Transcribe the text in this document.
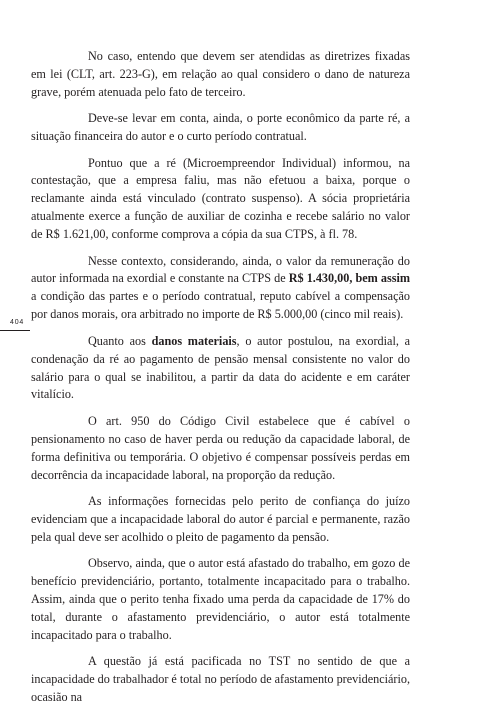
404

No caso, entendo que devem ser atendidas as diretrizes fixadas em lei (CLT, art. 223-G), em relação ao qual considero o dano de natureza grave, porém atenuada pelo fato de terceiro.

Deve-se levar em conta, ainda, o porte econômico da parte ré, a situação financeira do autor e o curto período contratual.

Pontuo que a ré (Microempreendor Individual) informou, na contestação, que a empresa faliu, mas não efetuou a baixa, porque o reclamante ainda está vinculado (contrato suspenso). A sócia proprietária atualmente exerce a função de auxiliar de cozinha e recebe salário no valor de R$ 1.621,00, conforme comprova a cópia da sua CTPS, à fl. 78.

Nesse contexto, considerando, ainda, o valor da remuneração do autor informada na exordial e constante na CTPS de R$ 1.430,00, bem assim a condição das partes e o período contratual, reputo cabível a compensação por danos morais, ora arbitrado no importe de R$ 5.000,00 (cinco mil reais).

Quanto aos danos materiais, o autor postulou, na exordial, a condenação da ré ao pagamento de pensão mensal consistente no valor do salário para o qual se inabilitou, a partir da data do acidente e em caráter vitalício.

O art. 950 do Código Civil estabelece que é cabível o pensionamento no caso de haver perda ou redução da capacidade laboral, de forma definitiva ou temporária. O objetivo é compensar possíveis perdas em decorrência da incapacidade laboral, na proporção da redução.

As informações fornecidas pelo perito de confiança do juízo evidenciam que a incapacidade laboral do autor é parcial e permanente, razão pela qual deve ser acolhido o pleito de pagamento da pensão.

Observo, ainda, que o autor está afastado do trabalho, em gozo de benefício previdenciário, portanto, totalmente incapacitado para o trabalho. Assim, ainda que o perito tenha fixado uma perda da capacidade de 17% do total, durante o afastamento previdenciário, o autor está totalmente incapacitado para o trabalho.

A questão já está pacificada no TST no sentido de que a incapacidade do trabalhador é total no período de afastamento previdenciário, ocasião na
